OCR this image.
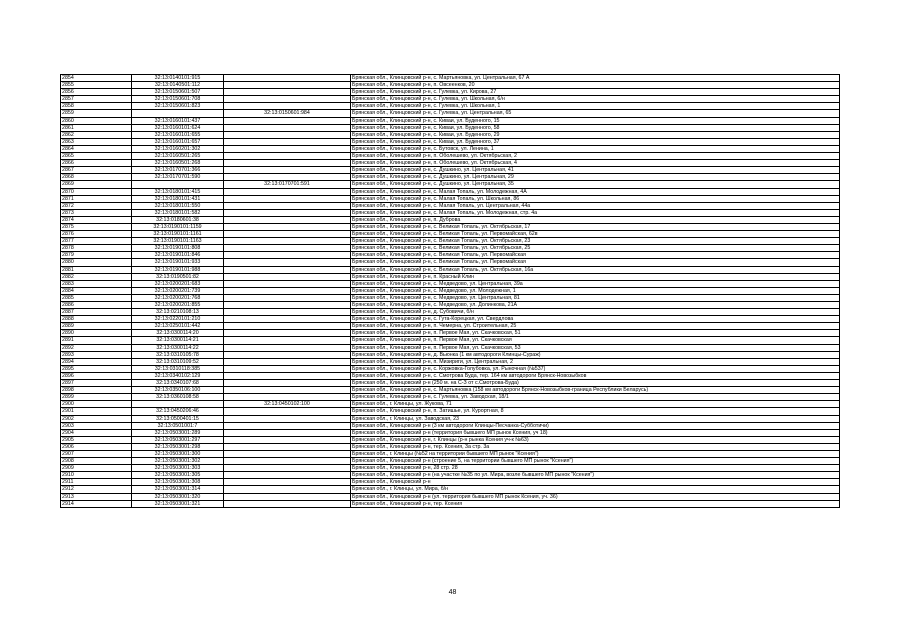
2854	32:13:0140101:915		Брянская обл., Клинцовский р-н, с. Мартьяновка, ул. Центральная, 67 А
2855	32:13:0140501:112		Брянская обл., Клинцовский р-н, п. Овсеенков, 20
2856	32:13:0150601:507		Брянская обл., Клинцовский р-н, с. Гулевка, ул. Кирова, 27
2857	32:13:0150601:708		Брянская обл., Клинцовский р-н, с. Гулевка, ул. Школьная, 6/н
2858	32:13:0150601:823		Брянская обл., Клинцовский р-н, с. Гулевка, ул. Школьная, 1
2859		32:13:0150601:984	Брянская обл., Клинцовский р-н, с. Гулевка, ул. Центральная, 65
2860	32:13:0160101:437		Брянская обл., Клинцовский р-н, с. Киваи, ул. Буденного, 15
2861	32:13:0160101:624		Брянская обл., Клинцовский р-н, с. Киваи, ул. Буденного, 58
2862	32:13:0160101:655		Брянская обл., Клинцовский р-н, с. Киваи, ул. Буденного, 29
2863	32:13:0160101:657		Брянская обл., Клинцовский р-н, с. Киваи, ул. Буденного, 37
2864	32:13:0160201:302		Брянская обл., Клинцовский р-н, с. Бутовск, ул. Ленина, 1
2865	32:13:0160501:265		Брянская обл., Клинцовский р-н, п. Оболешево, ул. Октябрьская, 2
2866	32:13:0160501:268		Брянская обл., Клинцовский р-н, п. Оболешево, ул. Октябрьская, 4
2867	32:13:0170701:366		Брянская обл., Клинцовский р-н, с. Душкино, ул. Центральная, 41
2868	32:13:0170701:590		Брянская обл., Клинцовский р-н, с. Душкино, ул. Центральная, 29
2869		32:13:0170701:591	Брянская обл., Клинцовский р-н, с. Душкино, ул. Центральная, 35
2870	32:13:0180101:415		Брянская обл., Клинцовский р-н, с. Малая Топаль, ул. Молодежная, 4А
2871	32:13:0180101:431		Брянская обл., Клинцовский р-н, с. Малая Топаль, ул. Школьная, 86
2872	32:13:0180101:550		Брянская обл., Клинцовский р-н, с. Малая Топаль, ул. Центральная, 44а
2873	32:13:0180101:582		Брянская обл., Клинцовский р-н, с. Малая Топаль, ул. Молодежная, стр. 4а
2874	32:13:0180601:38		Брянская обл., Клинцовский р-н, п. Дуброва
2875	32:13:0190101:1159		Брянская обл., Клинцовский р-н, с. Великая Топаль, ул. Октябрьская, 17
2876	32:13:0190101:1161		Брянская обл., Клинцовский р-н, с. Великая Топаль, ул. Первомайская, 62в
2877	32:13:0190101:1163		Брянская обл., Клинцовский р-н, с. Великая Топаль, ул. Октябрьская, 23
2878	32:13:0190101:808		Брянская обл., Клинцовский р-н, с. Великая Топаль, ул. Октябрьская, 25
2879	32:13:0190101:846		Брянская обл., Клинцовский р-н, с. Великая Топаль, ул. Первомайская
2880	32:13:0190101:933		Брянская обл., Клинцовский р-н, с. Великая Топаль, ул. Первомайская
2881	32:13:0190101:988		Брянская обл., Клинцовский р-н, с. Великая Топаль, ул. Октябрьская, 16а
2882	32:13:0190501:82		Брянская обл., Клинцовский р-н, п. Красный Клин
2883	32:13:0200201:683		Брянская обл., Клинцовский р-н, с. Медведово, ул. Центральная, 39а
2884	32:13:0200201:739		Брянская обл., Клинцовский р-н, с. Медведово, ул. Молодежная, 1
2885	32:13:0200201:768		Брянская обл., Клинцовский р-н, с. Медведово, ул. Центральная, 81
2886	32:13:0200201:855		Брянская обл., Клинцовский р-н, с. Медведово, ул. Долинкова, 21А
2887	32:13:0210108:13		Брянская обл., Клинцовский р-н, д. Субовичи, б/н
2888	32:13:0220101:210		Брянская обл., Клинцовский р-н, с. Гута-Корецкая, ул. Свердлова
2889	32:13:0250101:442		Брянская обл., Клинцовский р-н, п. Чемерна, ул. Строительная, 25
2890	32:13:0300114:20		Брянская обл., Клинцовский р-н, п. Первое Мая, ул. Скачковская, 51
2891	32:13:0300114:21		Брянская обл., Клинцовский р-н, п. Первое Мая, ул. Скачковская
2892	32:13:0300114:22		Брянская обл., Клинцовский р-н, п. Первое Мая, ул. Скачковская, 53
2893	32:13:0310105:78		Брянская обл., Клинцовский р-н, д. Вьюнка (1 км автодороги Клинцы-Сураж)
2894	32:13:0310109:52		Брянская обл., Клинцовский р-н, п. Мизириги, ул. Центральная, 2
2895	32:13:0310118:385		Брянская обл., Клинцовский р-н, с. Коржовка-Голубовка, ул. Рыночная (№537)
2896	32:13:0340102:129		Брянская обл., Клинцовский р-н, с. Смотрова Буда, тер. 164 км автодороги Брянск-Новозыбков
2897	32:13:0340107:68		Брянская обл., Клинцовский р-н (250 м. на С-З от с.Смотрова-Буда)
2898	32:13:0350106:100		Брянская обл., Клинцовский р-н, с. Мартьяновка (158 км автодороги Брянск-Новозыбков-граница Республики Беларусь)
2899	32:13:0360108:58		Брянская обл., Клинцовский р-н, с. Гулевка, ул. Заводская, 18/1
2900		32:13:0450102:100	Брянская обл., г. Клинцы, ул. Жукова, 71
2901	32:13:0450206:46		Брянская обл., Клинцовский р-н, п. Затишье, ул. Курортная, 8
2902	32:13:0500401:15		Брянская обл., г. Клинцы, ул. Заводская, 23
2903	32:13:0501001:7		Брянская обл., Клинцовский р-н (3 км автодороги Клинцы-Песчанка-Субботичи)
2904	32:13:0503001:289		Брянская обл., Клинцовский р-н (территория бывшего МП рынок Ксения, уч 18)
2905	32:13:0503001:297		Брянская обл., Клинцовский р-н, г. Клинцы (р-н рынка Ксения уч-к №63)
2906	32:13:0503001:298		Брянская обл., Клинцовский р-н, тер. Ксения, 3а стр. 3а
2907	32:13:0503001:300		Брянская обл., г. Клинцы (№52 на территории бывшего МП рынок "Ксения")
2908	32:13:0503001:302		Брянская обл., Клинцовский р-н (строение 5, на территории бывшего МП рынок "Ксения")
2909	32:13:0503001:303		Брянская обл., Клинцовский р-н, 28 стр. 28
2910	32:13:0503001:305		Брянская обл., Клинцовский р-н (на участке №35 по ул. Мира, возле бывшего МП рынок "Ксения")
2911	32:13:0503001:308		Брянская обл., Клинцовский р-н
2912	32:13:0503001:314		Брянская обл., г. Клинцы, ул. Мира, б/н
2913	32:13:0503001:320		Брянская обл., Клинцовский р-н (ул. территория бывшего МП рынок Ксения, уч. 36)
2914	32:13:0503001:321		Брянская обл., Клинцовский р-н, тер. Ксения
48
